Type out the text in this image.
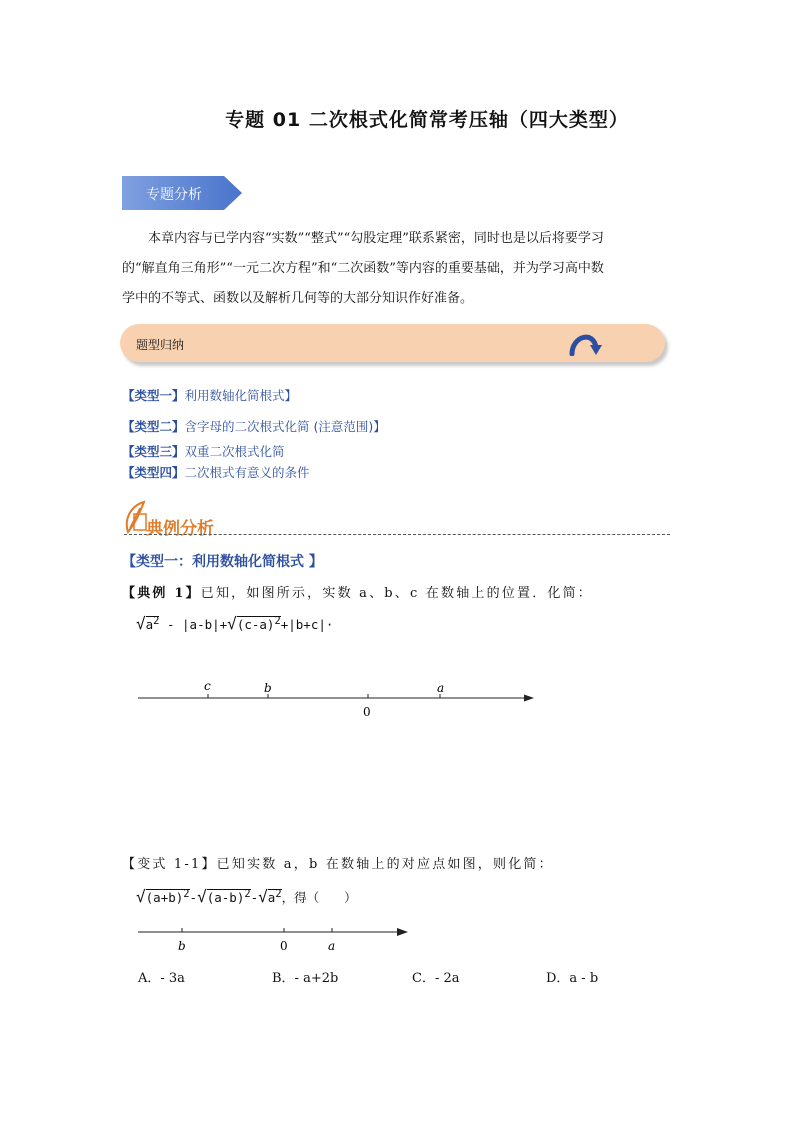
专题 01 二次根式化简常考压轴（四大类型）
专题分析
本章内容与已学内容“实数”“整式”“勾股定理”联系紧密，同时也是以后将要学习
的“解直角三角形”“一元二次方程”和“二次函数”等内容的重要基础，并为学习高中数
学中的不等式、函数以及解析几何等的大部分知识作好准备。
题型归纳
【类型一】利用数轴化简根式】
【类型二】含字母的二次根式化简 (注意范围)】
【类型三】双重二次根式化简
【类型四】二次根式有意义的条件
典例分析
【类型一：利用数轴化简根式 】
【典例 1】已知，如图所示，实数 a、b、c 在数轴上的位置．化简：
$√a^2 - |a-b|+√(c-a)^2+|b+c|\cdot$
c	b
0
a
【变式 1-1】已知实数 a，b 在数轴上的对应点如图，则化简：
$√(a+b)^2-√(a-b)^2-√a^2$，得（　　）
b	0	a
A．- 3a	B．- a+2b	C．- 2a	D．a - b
